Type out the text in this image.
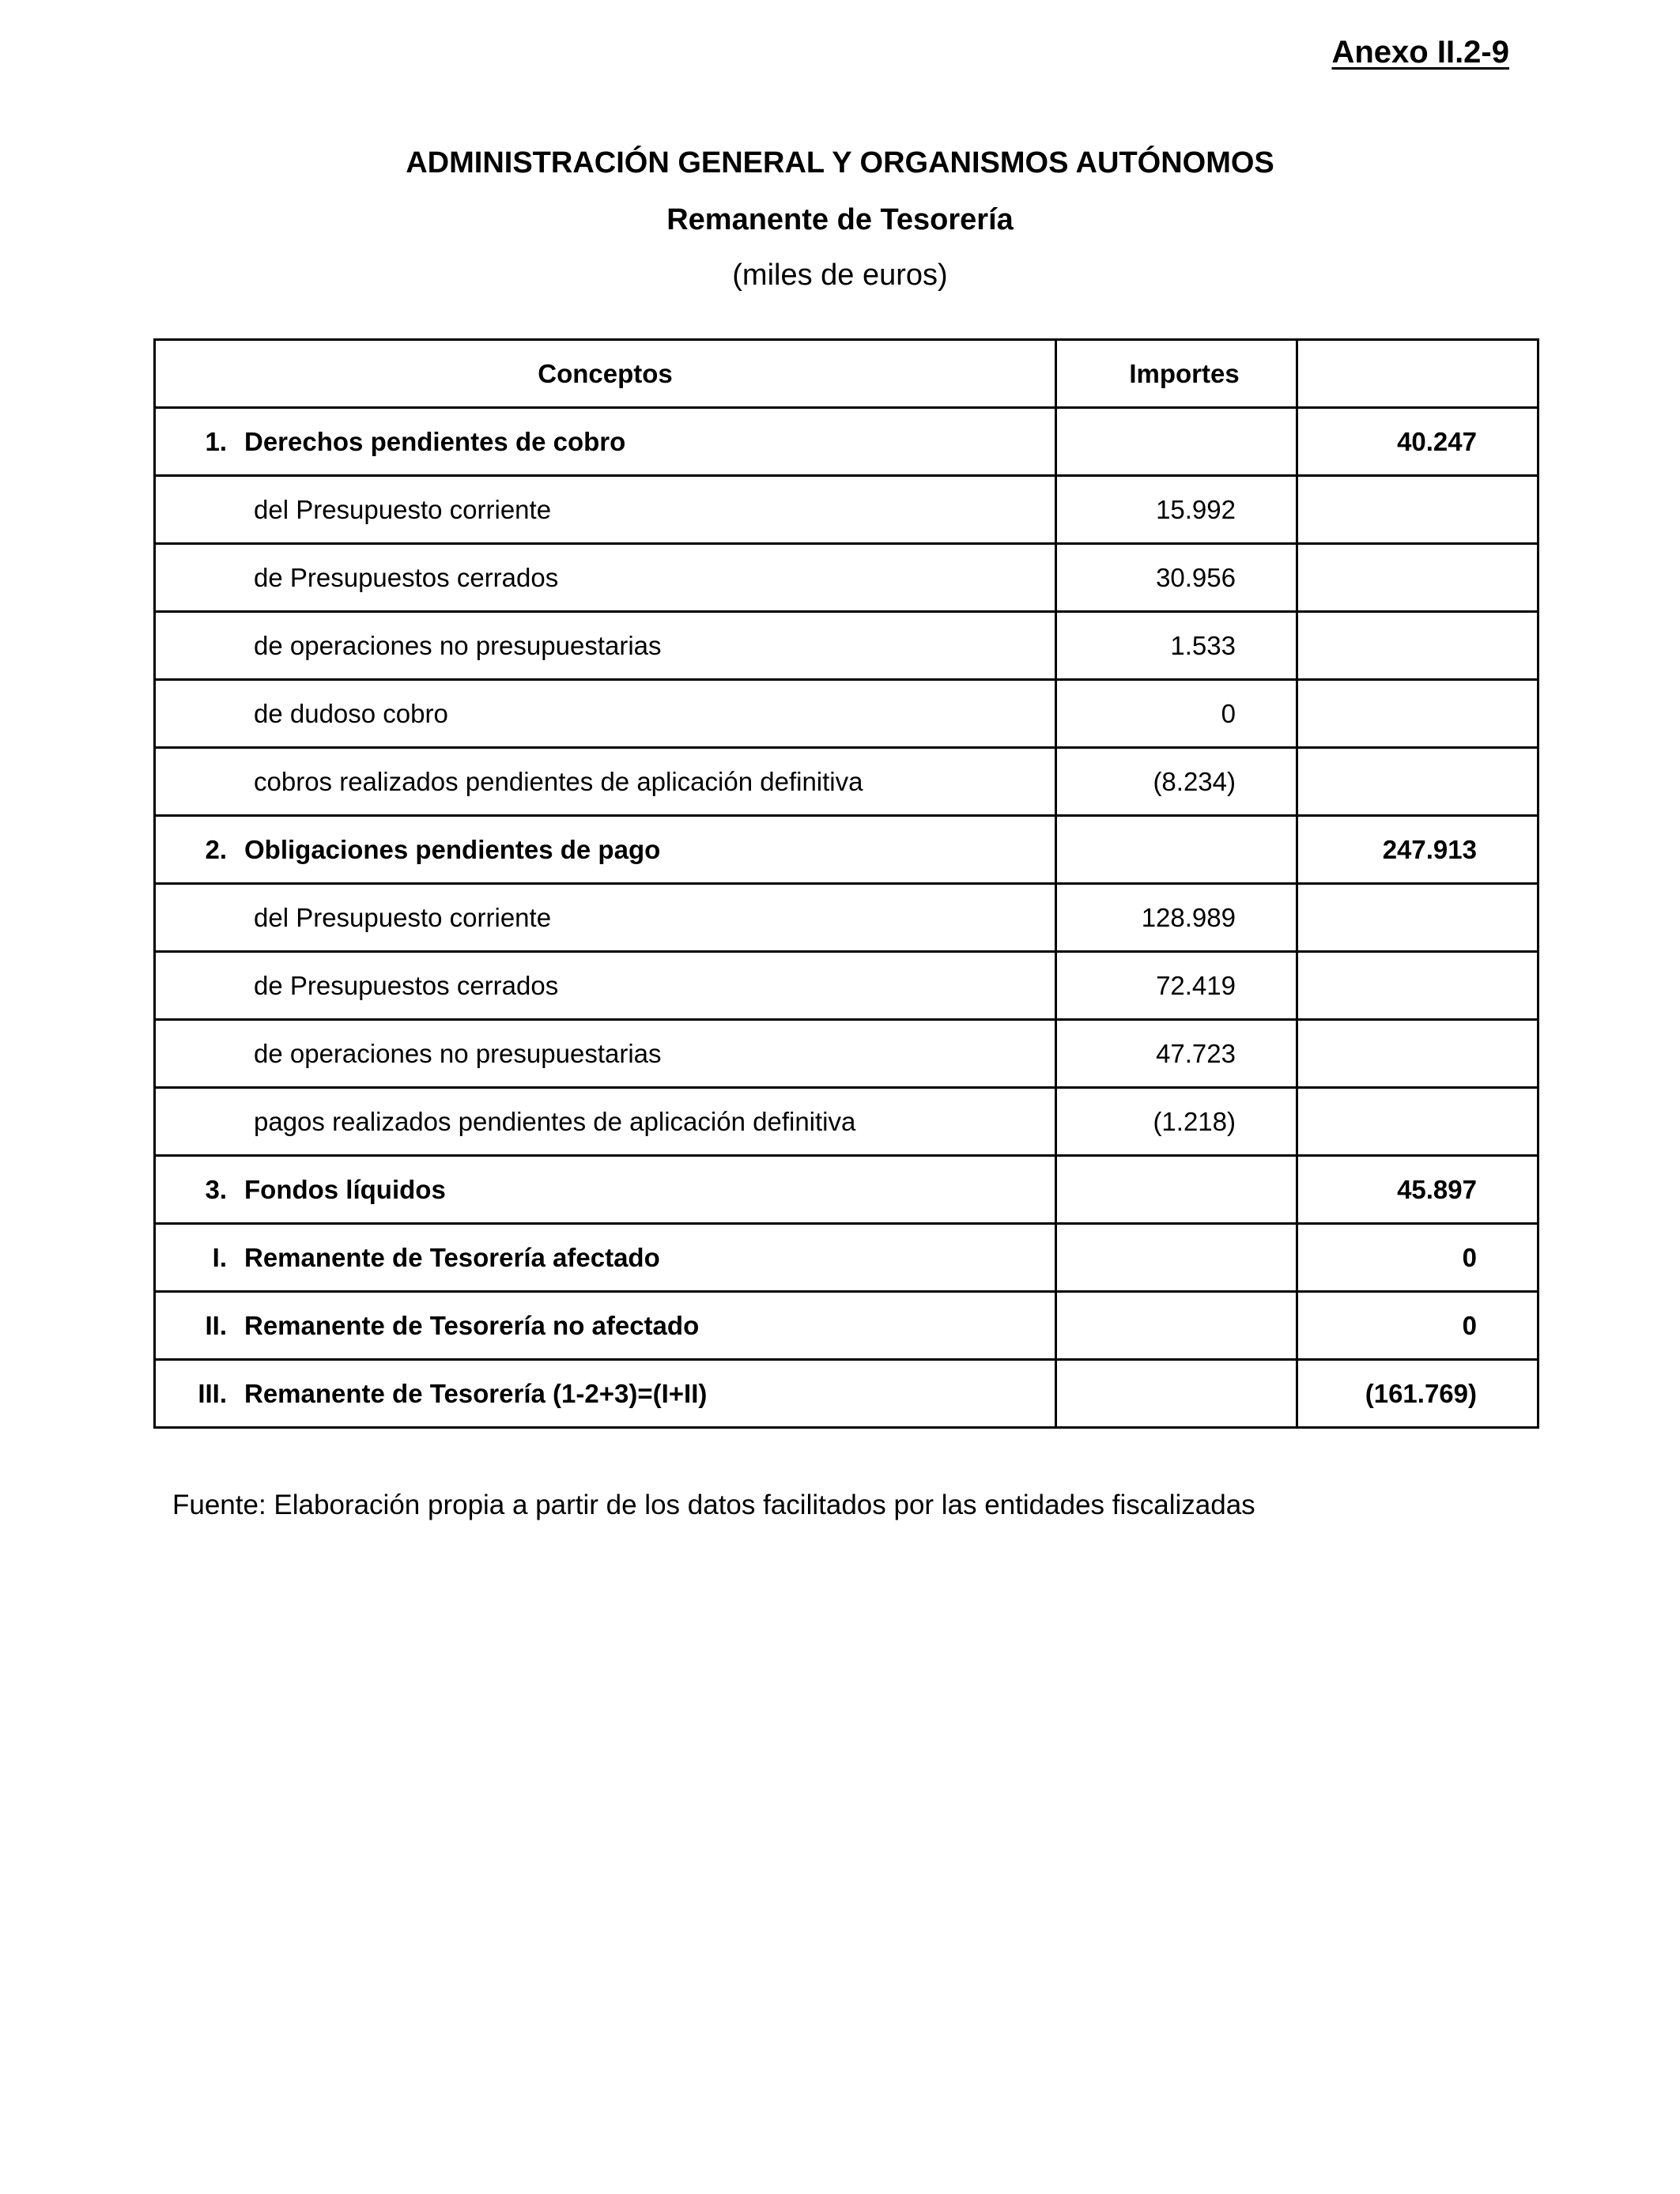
Anexo II.2-9
ADMINISTRACIÓN GENERAL Y ORGANISMOS AUTÓNOMOS
Remanente de Tesorería
(miles de euros)
Conceptos	Importes	
1. Derechos pendientes de cobro		40.247
del Presupuesto corriente	15.992	
de Presupuestos cerrados	30.956	
de operaciones no presupuestarias	1.533	
de dudoso cobro	0	
cobros realizados pendientes de aplicación definitiva	(8.234)	
2. Obligaciones pendientes de pago		247.913
del Presupuesto corriente	128.989	
de Presupuestos cerrados	72.419	
de operaciones no presupuestarias	47.723	
pagos realizados pendientes de aplicación definitiva	(1.218)	
3. Fondos líquidos		45.897
I. Remanente de Tesorería afectado		0
II. Remanente de Tesorería no afectado		0
III. Remanente de Tesorería (1-2+3)=(I+II)		(161.769)
Fuente: Elaboración propia a partir de los datos facilitados por las entidades fiscalizadas
